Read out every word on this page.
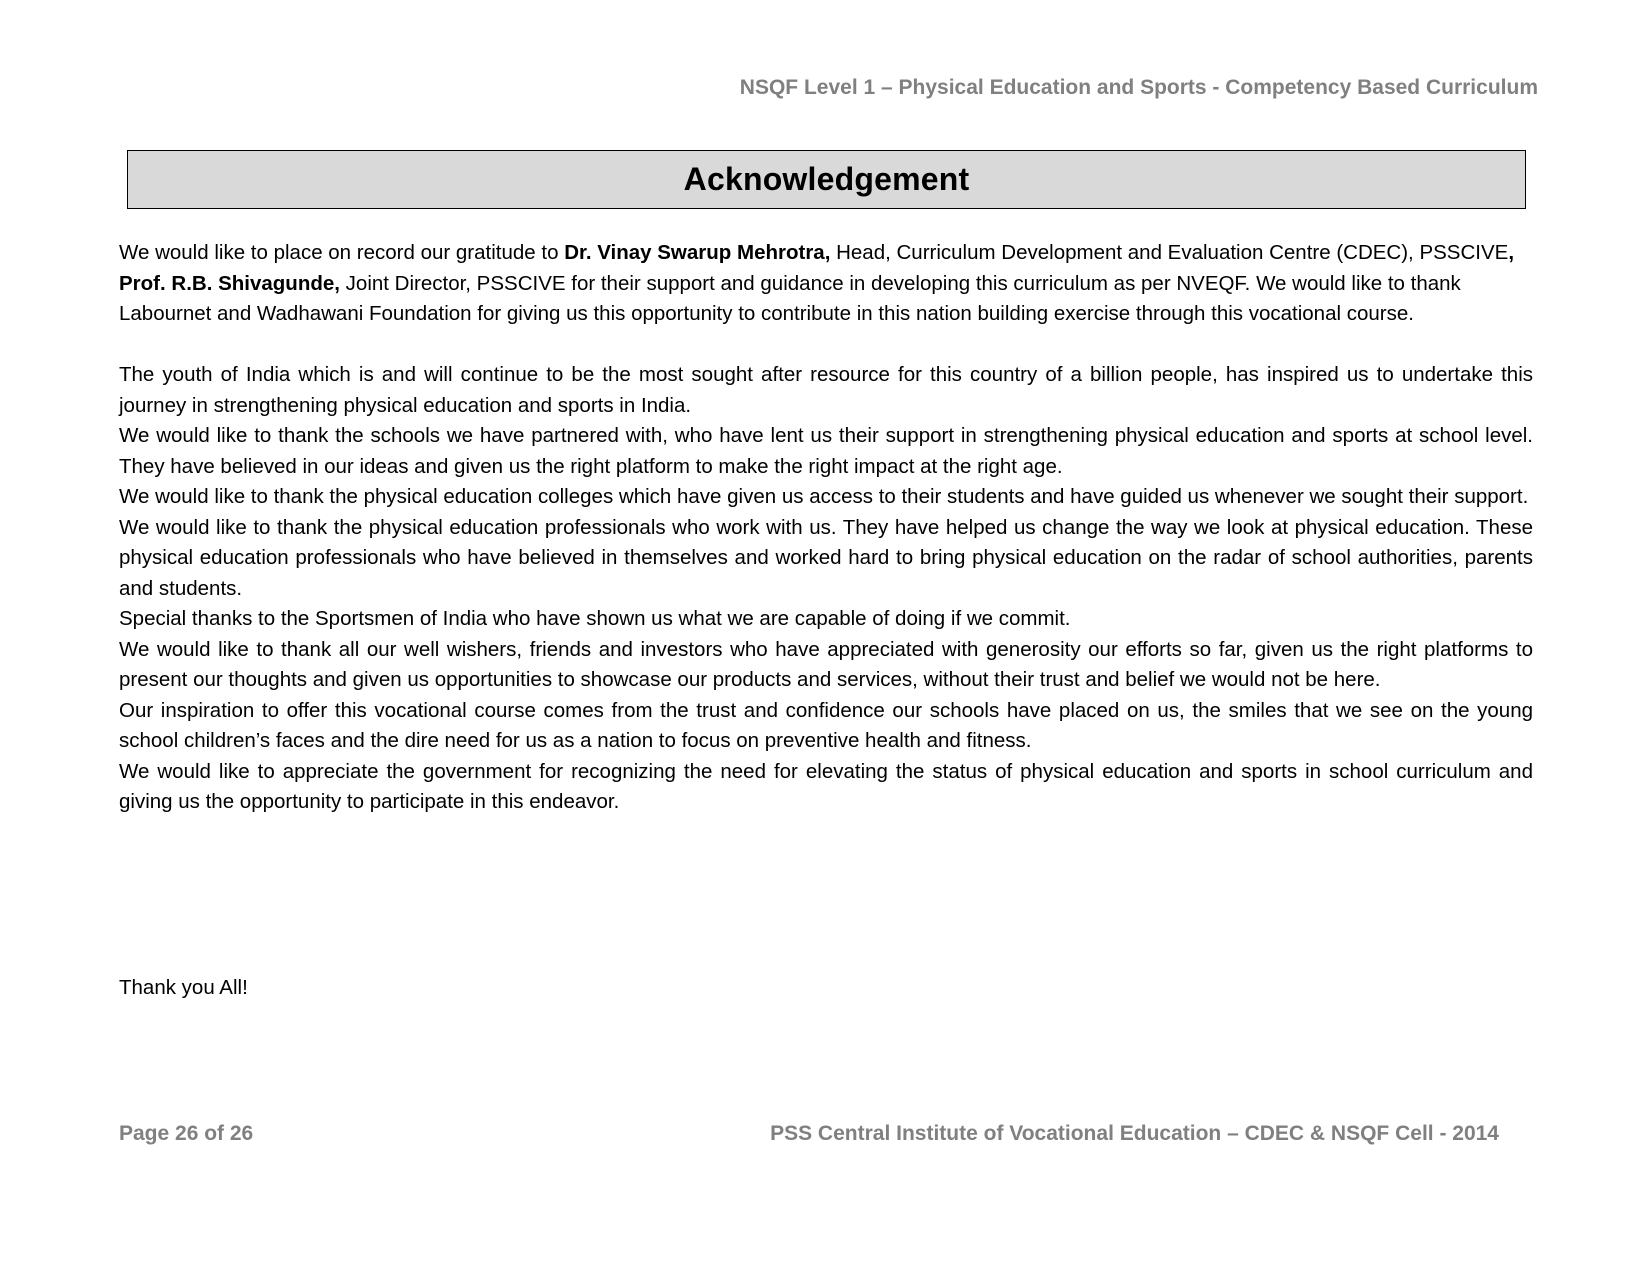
NSQF Level 1 – Physical Education and Sports - Competency Based Curriculum
Acknowledgement

We would like to place on record our gratitude to Dr. Vinay Swarup Mehrotra, Head, Curriculum Development and Evaluation Centre (CDEC), PSSCIVE, Prof. R.B. Shivagunde, Joint Director, PSSCIVE for their support and guidance in developing this curriculum as per NVEQF. We would like to thank Labournet and Wadhawani Foundation for giving us this opportunity to contribute in this nation building exercise through this vocational course.

The youth of India which is and will continue to be the most sought after resource for this country of a billion people, has inspired us to undertake this journey in strengthening physical education and sports in India.

We would like to thank the schools we have partnered with, who have lent us their support in strengthening physical education and sports at school level. They have believed in our ideas and given us the right platform to make the right impact at the right age.

We would like to thank the physical education colleges which have given us access to their students and have guided us whenever we sought their support.

We would like to thank the physical education professionals who work with us. They have helped us change the way we look at physical education. These physical education professionals who have believed in themselves and worked hard to bring physical education on the radar of school authorities, parents and students.

Special thanks to the Sportsmen of India who have shown us what we are capable of doing if we commit.

We would like to thank all our well wishers, friends and investors who have appreciated with generosity our efforts so far, given us the right platforms to present our thoughts and given us opportunities to showcase our products and services, without their trust and belief we would not be here.

Our inspiration to offer this vocational course comes from the trust and confidence our schools have placed on us, the smiles that we see on the young school children’s faces and the dire need for us as a nation to focus on preventive health and fitness.

We would like to appreciate the government for recognizing the need for elevating the status of physical education and sports in school curriculum and giving us the opportunity to participate in this endeavor.

Thank you All!
Page 26 of 26	PSS Central Institute of Vocational Education – CDEC & NSQF Cell - 2014
